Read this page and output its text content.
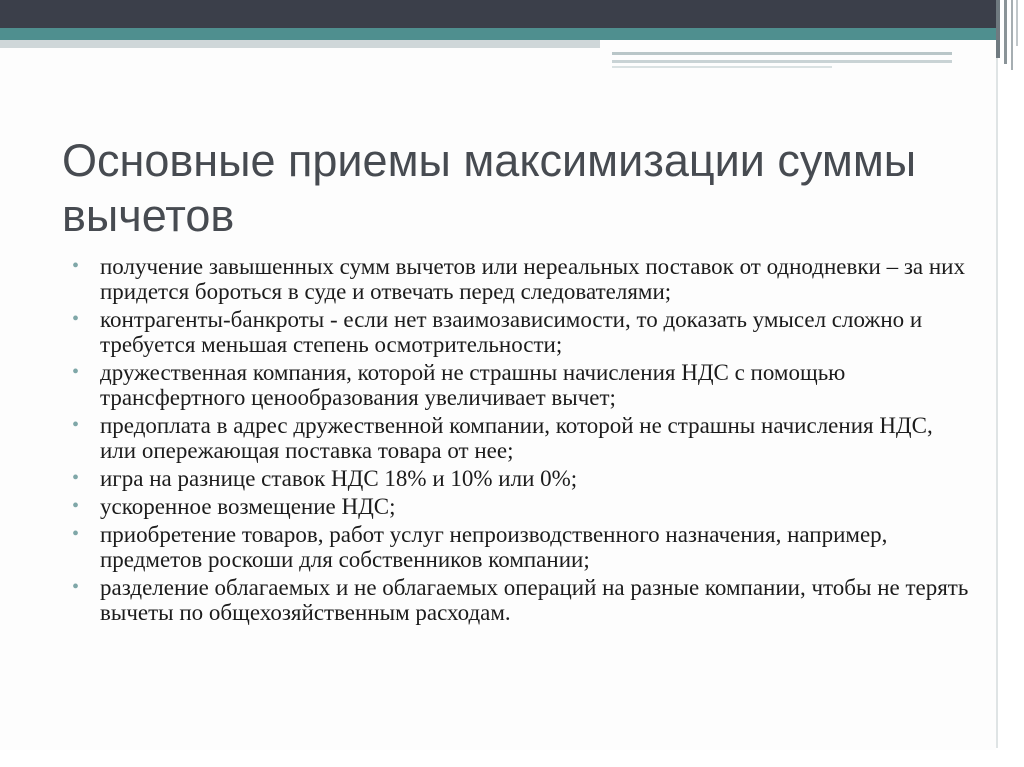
Основные приемы максимизации суммы вычетов
• получение завышенных сумм вычетов или нереальных поставок от однодневки – за них придется бороться в суде и отвечать перед следователями;
• контрагенты-банкроты - если нет взаимозависимости, то доказать умысел сложно и требуется меньшая степень осмотрительности;
• дружественная компания, которой не страшны начисления НДС с помощью трансфертного ценообразования увеличивает вычет;
• предоплата в адрес дружественной компании, которой не страшны начисления НДС, или опережающая поставка товара от нее;
• игра на разнице ставок НДС 18% и 10% или 0%;
• ускоренное возмещение НДС;
• приобретение товаров, работ услуг непроизводственного назначения, например, предметов роскоши для собственников компании;
• разделение облагаемых и не облагаемых операций на разные компании, чтобы не терять вычеты по общехозяйственным расходам.
